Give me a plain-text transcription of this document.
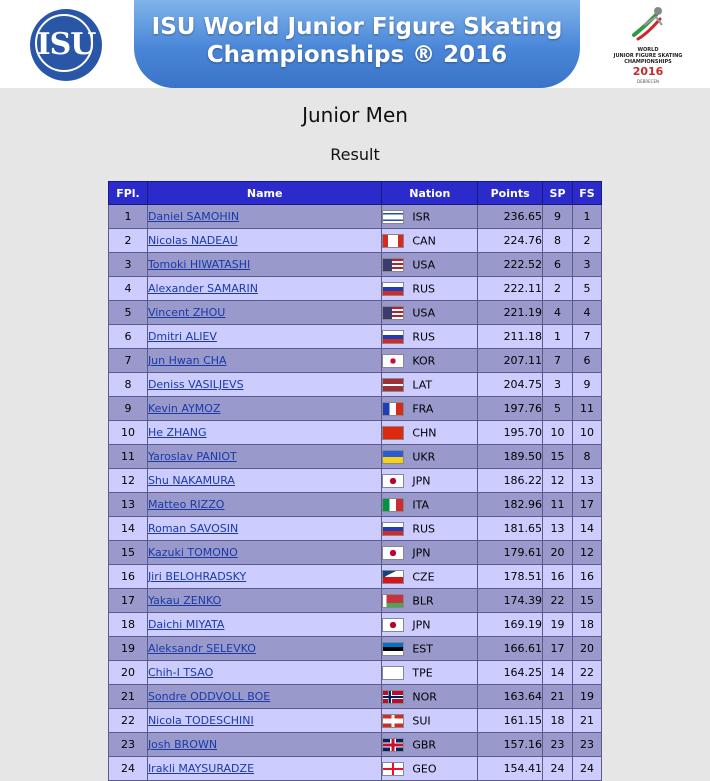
ISU	ISU World Junior Figure Skating
Championships ® 2016	WORLD
JUNIOR FIGURE SKATING
CHAMPIONSHIPS
2016
DEBRECEN
Junior Men
Result
FPl.	Name	Nation	Points	SP	FS
1	Daniel SAMOHIN	ISR	236.65	9	1
2	Nicolas NADEAU	CAN	224.76	8	2
3	Tomoki HIWATASHI	USA	222.52	6	3
4	Alexander SAMARIN	RUS	222.11	2	5
5	Vincent ZHOU	USA	221.19	4	4
6	Dmitri ALIEV	RUS	211.18	1	7
7	Jun Hwan CHA	KOR	207.11	7	6
8	Deniss VASILJEVS	LAT	204.75	3	9
9	Kevin AYMOZ	FRA	197.76	5	11
10	He ZHANG	CHN	195.70	10	10
11	Yaroslav PANIOT	UKR	189.50	15	8
12	Shu NAKAMURA	JPN	186.22	12	13
13	Matteo RIZZO	ITA	182.96	11	17
14	Roman SAVOSIN	RUS	181.65	13	14
15	Kazuki TOMONO	JPN	179.61	20	12
16	Jiri BELOHRADSKY	CZE	178.51	16	16
17	Yakau ZENKO	BLR	174.39	22	15
18	Daichi MIYATA	JPN	169.19	19	18
19	Aleksandr SELEVKO	EST	166.61	17	20
20	Chih-I TSAO	TPE	164.25	14	22
21	Sondre ODDVOLL BOE	NOR	163.64	21	19
22	Nicola TODESCHINI	SUI	161.15	18	21
23	Josh BROWN	GBR	157.16	23	23
24	Irakli MAYSURADZE	GEO	154.41	24	24
